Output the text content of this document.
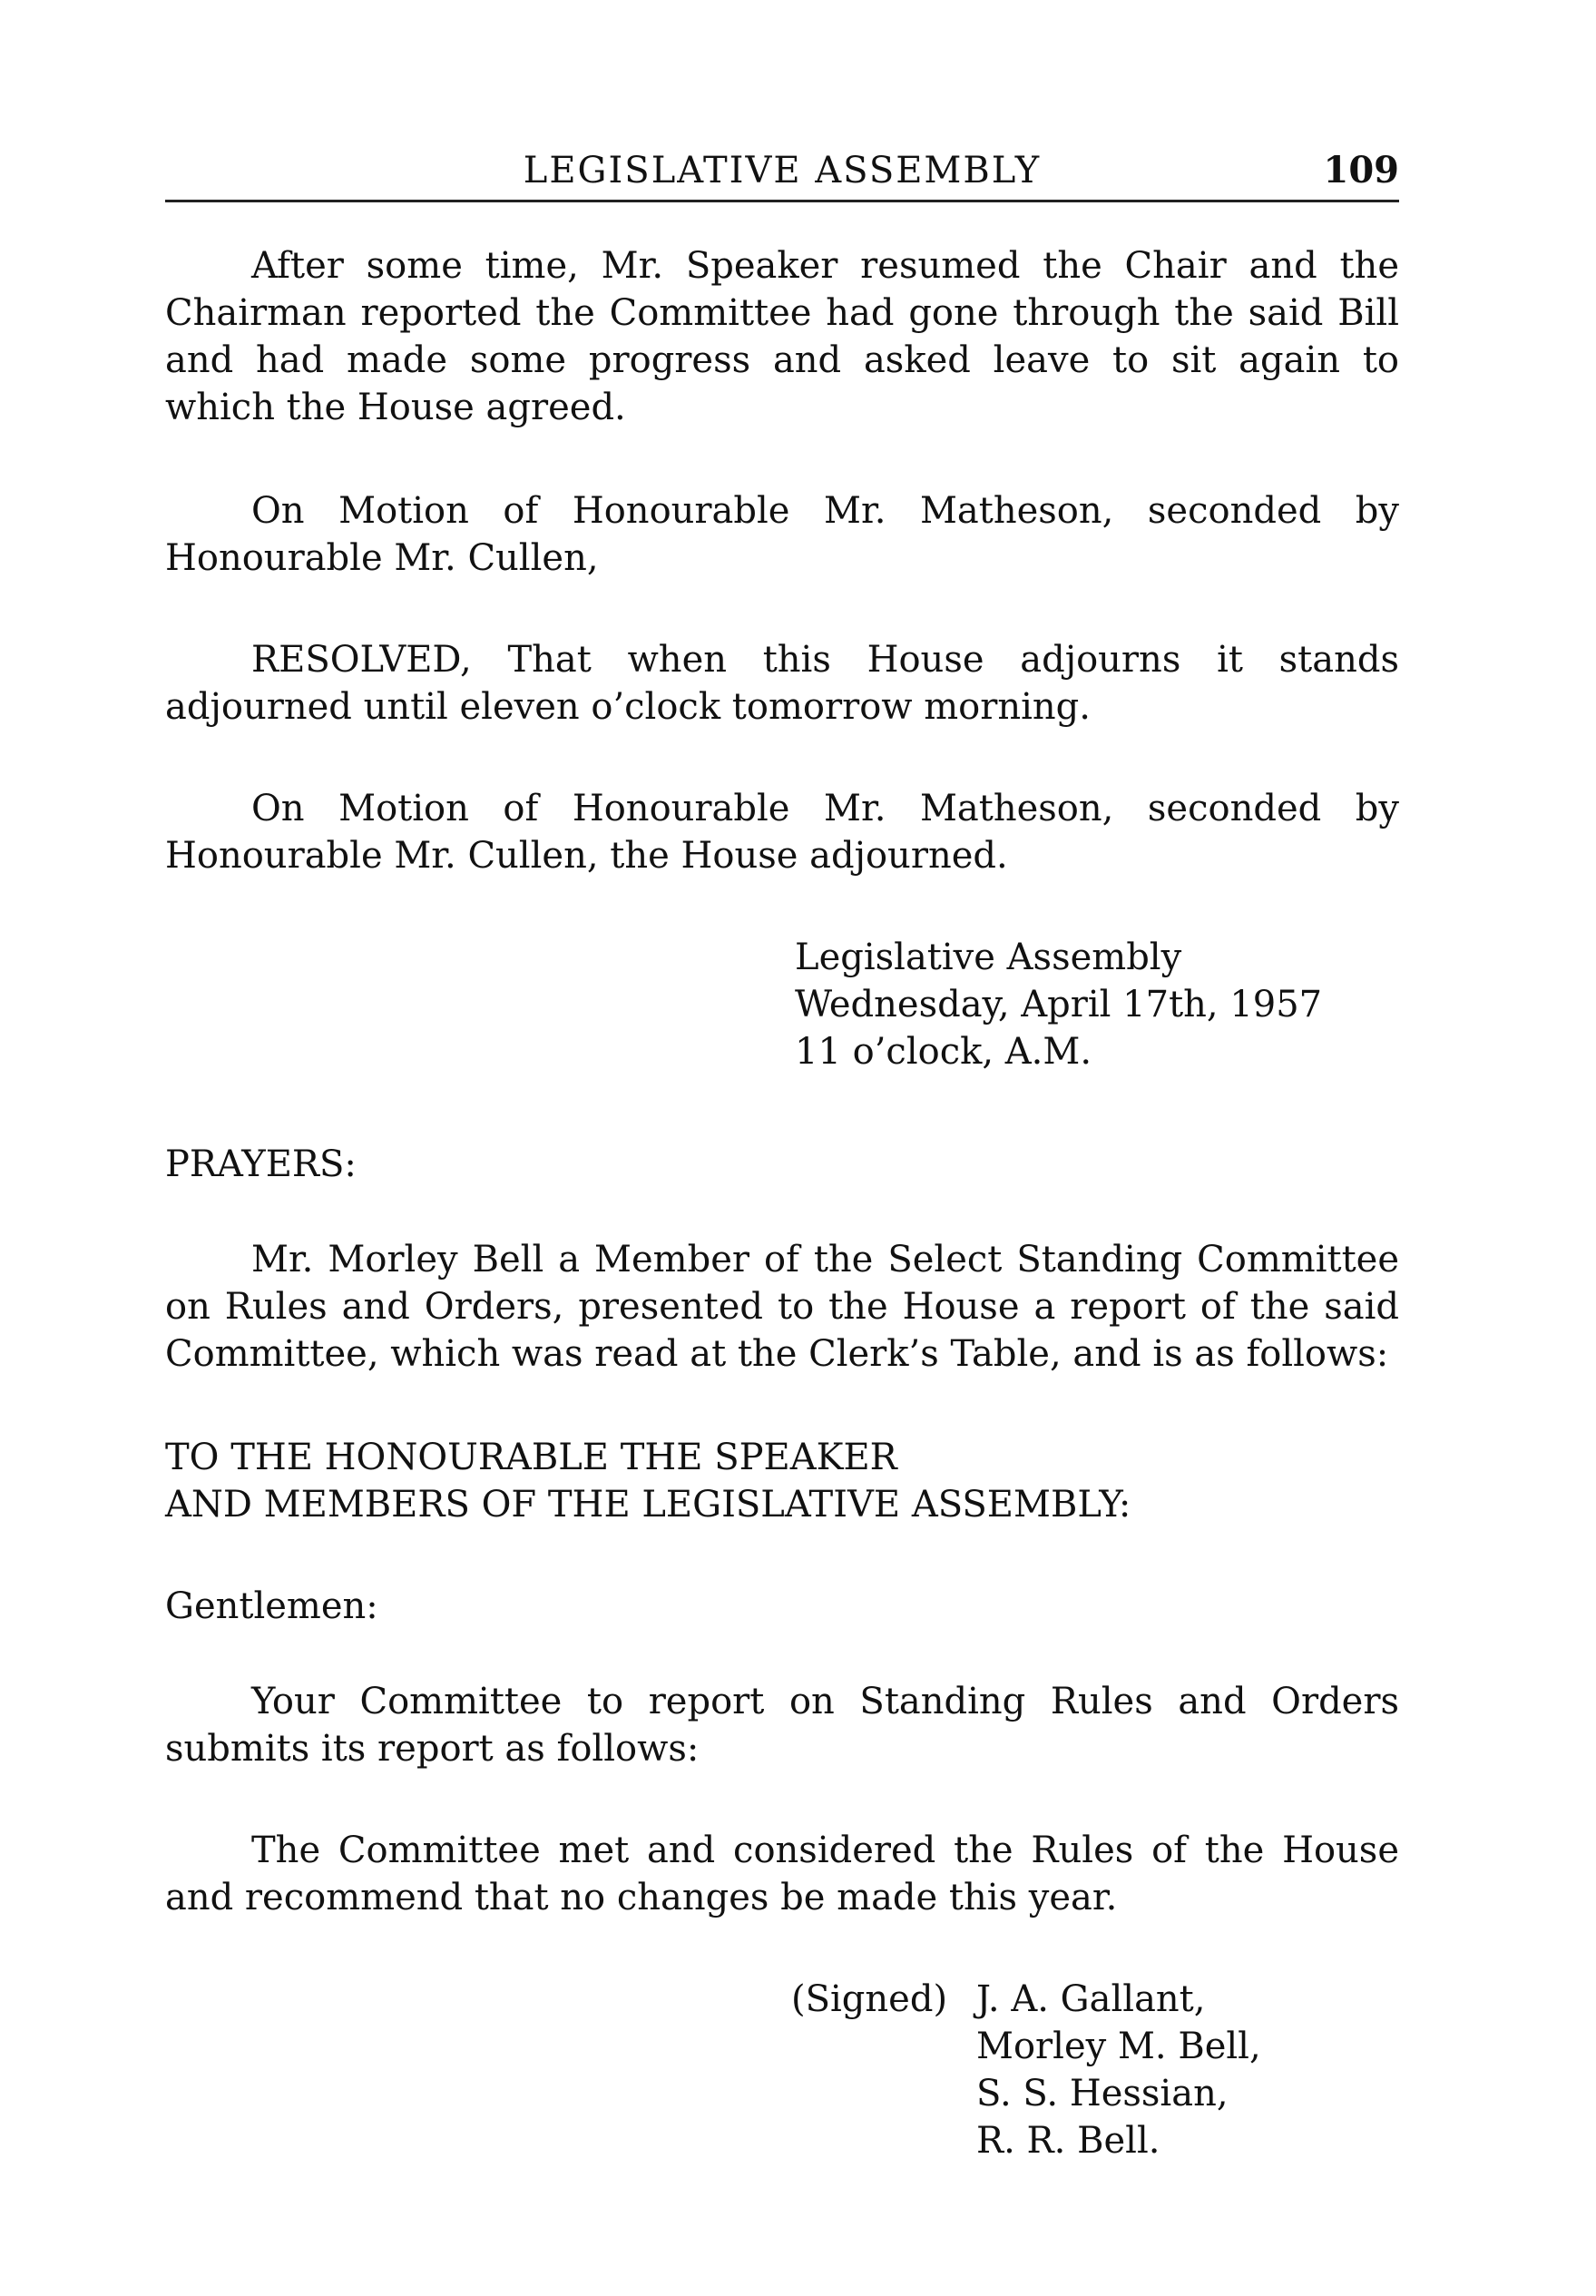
LEGISLATIVE ASSEMBLY	109

After some time, Mr. Speaker resumed the Chair and the Chairman reported the Committee had gone through the said Bill and had made some progress and asked leave to sit again to which the House agreed.

On Motion of Honourable Mr. Matheson, seconded by Honourable Mr. Cullen,

RESOLVED, That when this House adjourns it stands adjourned until eleven o’clock tomorrow morning.

On Motion of Honourable Mr. Matheson, seconded by Honourable Mr. Cullen, the House adjourned.

Legislative Assembly
Wednesday, April 17th, 1957
11 o’clock, A.M.
PRAYERS:

Mr. Morley Bell a Member of the Select Standing Committee on Rules and Orders, presented to the House a report of the said Committee, which was read at the Clerk’s Table, and is as follows:

TO THE HONOURABLE THE SPEAKER
AND MEMBERS OF THE LEGISLATIVE ASSEMBLY:
Gentlemen:

Your Committee to report on Standing Rules and Orders submits its report as follows:

The Committee met and considered the Rules of the House and recommend that no changes be made this year.

(Signed) J. A. Gallant,
Morley M. Bell,
S. S. Hessian,
R. R. Bell.
